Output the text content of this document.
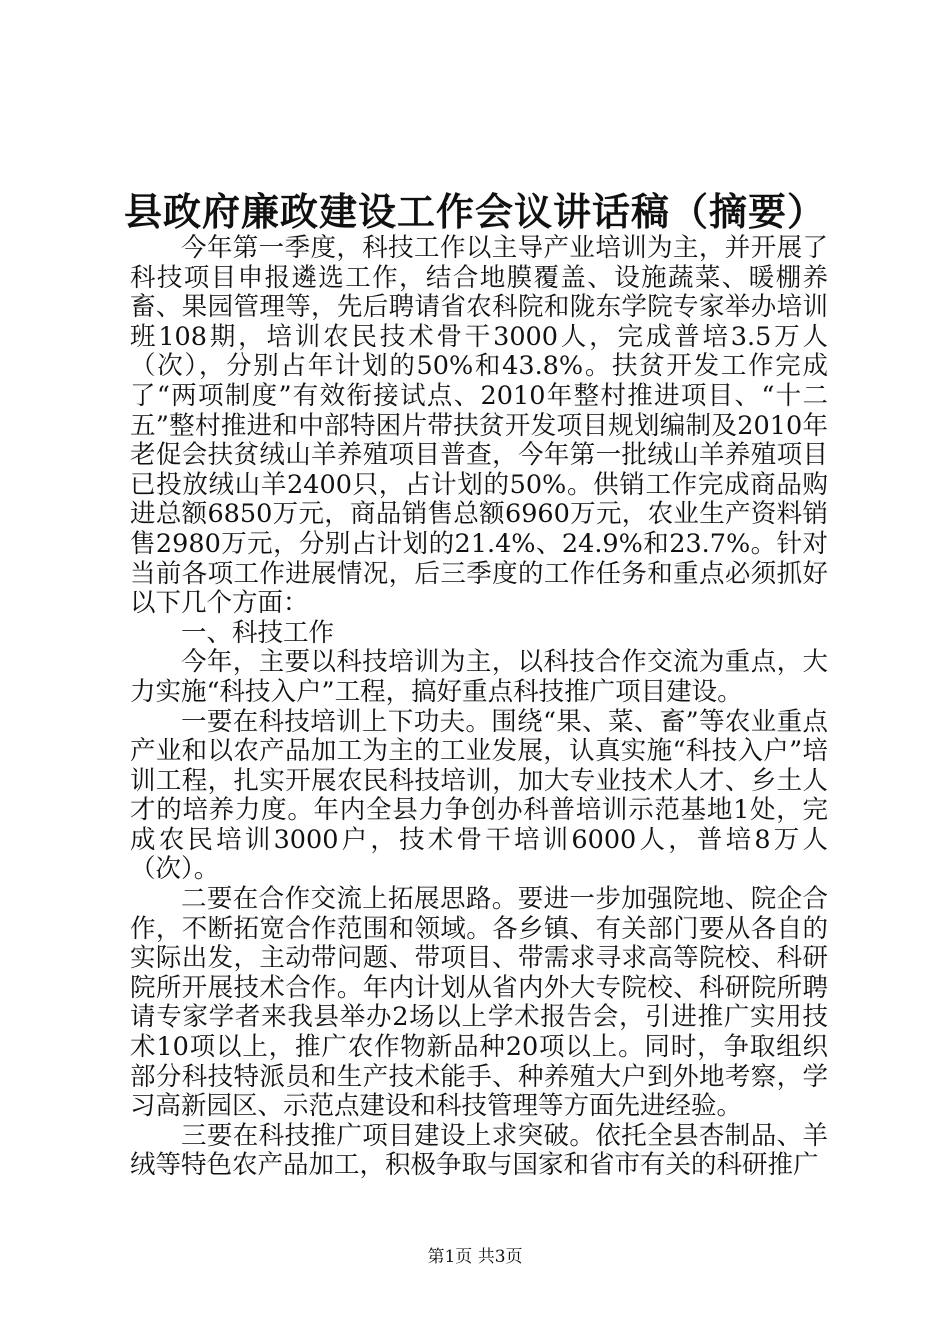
县政府廉政建设工作会议讲话稿（摘要）

今年第一季度，科技工作以主导产业培训为主，并开展了科技项目申报遴选工作，结合地膜覆盖、设施蔬菜、暖棚养畜、果园管理等，先后聘请省农科院和陇东学院专家举办培训班108期，培训农民技术骨干3000人，完成普培3.5万人（次），分别占年计划的50%和43.8%。扶贫开发工作完成了“两项制度”有效衔接试点、2010年整村推进项目、“十二五”整村推进和中部特困片带扶贫开发项目规划编制及2010年老促会扶贫绒山羊养殖项目普查，今年第一批绒山羊养殖项目已投放绒山羊2400只，占计划的50%。供销工作完成商品购进总额6850万元，商品销售总额6960万元，农业生产资料销售2980万元，分别占计划的21.4%、24.9%和23.7%。针对当前各项工作进展情况，后三季度的工作任务和重点必须抓好以下几个方面：

一、科技工作

今年，主要以科技培训为主，以科技合作交流为重点，大力实施“科技入户”工程，搞好重点科技推广项目建设。

一要在科技培训上下功夫。围绕“果、菜、畜”等农业重点产业和以农产品加工为主的工业发展，认真实施“科技入户”培训工程，扎实开展农民科技培训，加大专业技术人才、乡土人才的培养力度。年内全县力争创办科普培训示范基地1处，完成农民培训3000户，技术骨干培训6000人，普培8万人（次）。

二要在合作交流上拓展思路。要进一步加强院地、院企合作，不断拓宽合作范围和领域。各乡镇、有关部门要从各自的实际出发，主动带问题、带项目、带需求寻求高等院校、科研院所开展技术合作。年内计划从省内外大专院校、科研院所聘请专家学者来我县举办2场以上学术报告会，引进推广实用技术10项以上，推广农作物新品种20项以上。同时，争取组织部分科技特派员和生产技术能手、种养殖大户到外地考察，学习高新园区、示范点建设和科技管理等方面先进经验。

三要在科技推广项目建设上求突破。依托全县杏制品、羊绒等特色农产品加工，积极争取与国家和省市有关的科研推广

第1页 共3页
